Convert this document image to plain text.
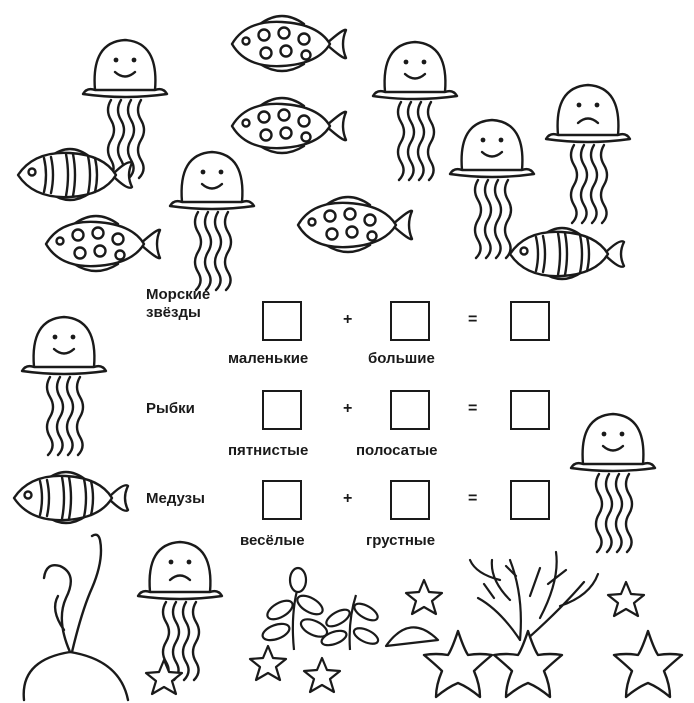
Морские
звёзды	+	=
маленькие	большие
Рыбки	+	=
пятнистые	полосатые
Медузы	+	=
весёлые	грустные
